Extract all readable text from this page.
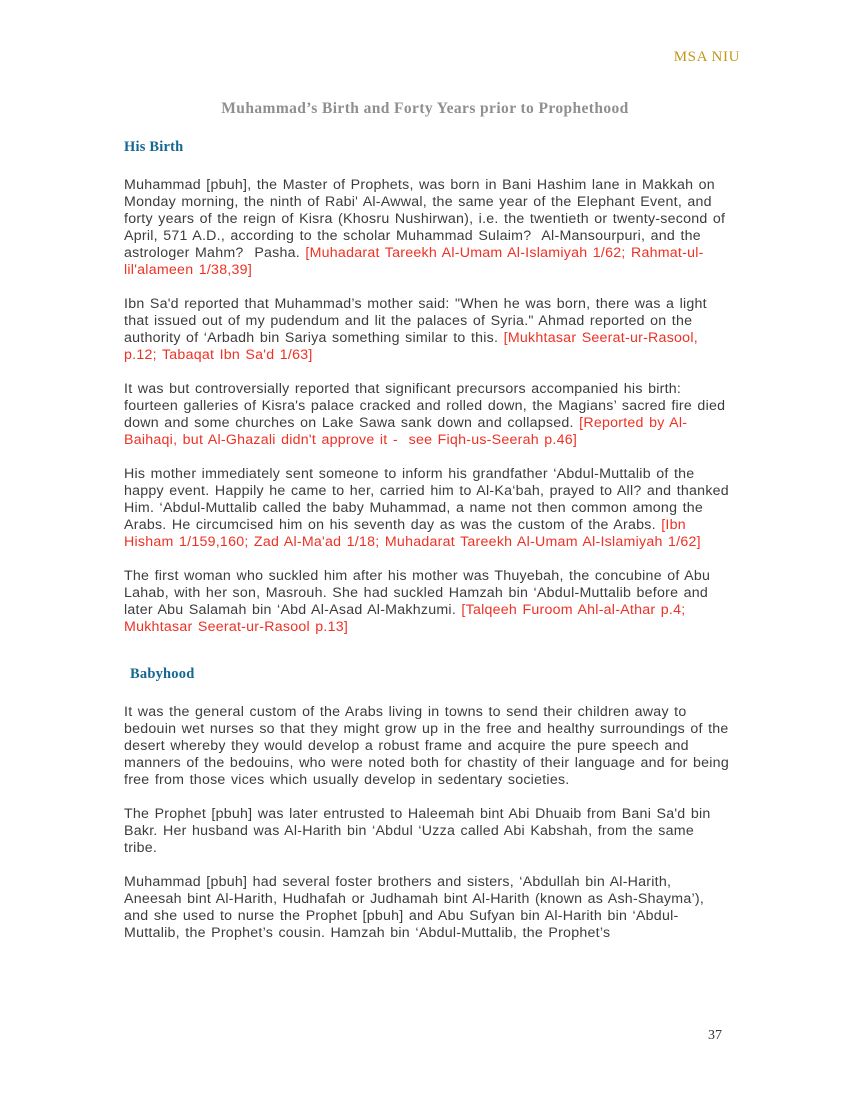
MSA NIU
Muhammad’s Birth and Forty Years prior to Prophethood
His Birth

Muhammad [pbuh], the Master of Prophets, was born in Bani Hashim lane in Makkah on Monday morning, the ninth of Rabi' Al-Awwal, the same year of the Elephant Event, and forty years of the reign of Kisra (Khosru Nushirwan), i.e. the twentieth or twenty-second of April, 571 A.D., according to the scholar Muhammad Sulaim?  Al-Mansourpuri, and the astrologer Mahm?  Pasha. [Muhadarat Tareekh Al-Umam Al-Islamiyah 1/62; Rahmat-ul-lil'alameen 1/38,39]

Ibn Sa'd reported that Muhammad’s mother said: "When he was born, there was a light that issued out of my pudendum and lit the palaces of Syria." Ahmad reported on the authority of ‘Arbadh bin Sariya something similar to this. [Mukhtasar Seerat-ur-Rasool, p.12; Tabaqat Ibn Sa'd 1/63]

It was but controversially reported that significant precursors accompanied his birth: fourteen galleries of Kisra's palace cracked and rolled down, the Magians’ sacred fire died down and some churches on Lake Sawa sank down and collapsed. [Reported by Al-Baihaqi, but Al-Ghazali didn't approve it -  see Fiqh-us-Seerah p.46]

His mother immediately sent someone to inform his grandfather ‘Abdul-Muttalib of the happy event. Happily he came to her, carried him to Al-Ka‘bah, prayed to All? and thanked Him. ‘Abdul-Muttalib called the baby Muhammad, a name not then common among the Arabs. He circumcised him on his seventh day as was the custom of the Arabs. [Ibn Hisham 1/159,160; Zad Al-Ma'ad 1/18; Muhadarat Tareekh Al-Umam Al-Islamiyah 1/62]

The first woman who suckled him after his mother was Thuyebah, the concubine of Abu Lahab, with her son, Masrouh. She had suckled Hamzah bin ‘Abdul-Muttalib before and later Abu Salamah bin ‘Abd Al-Asad Al-Makhzumi. [Talqeeh Furoom Ahl-al-Athar p.4; Mukhtasar Seerat-ur-Rasool p.13]

Babyhood

It was the general custom of the Arabs living in towns to send their children away to bedouin wet nurses so that they might grow up in the free and healthy surroundings of the desert whereby they would develop a robust frame and acquire the pure speech and manners of the bedouins, who were noted both for chastity of their language and for being free from those vices which usually develop in sedentary societies.

The Prophet [pbuh] was later entrusted to Haleemah bint Abi Dhuaib from Bani Sa'd bin Bakr. Her husband was Al-Harith bin ‘Abdul ‘Uzza called Abi Kabshah, from the same tribe.

Muhammad [pbuh] had several foster brothers and sisters, ‘Abdullah bin Al-Harith, Aneesah bint Al-Harith, Hudhafah or Judhamah bint Al-Harith (known as Ash-Shayma’), and she used to nurse the Prophet [pbuh] and Abu Sufyan bin Al-Harith bin ‘Abdul-Muttalib, the Prophet’s cousin. Hamzah bin ‘Abdul-Muttalib, the Prophet’s

37
